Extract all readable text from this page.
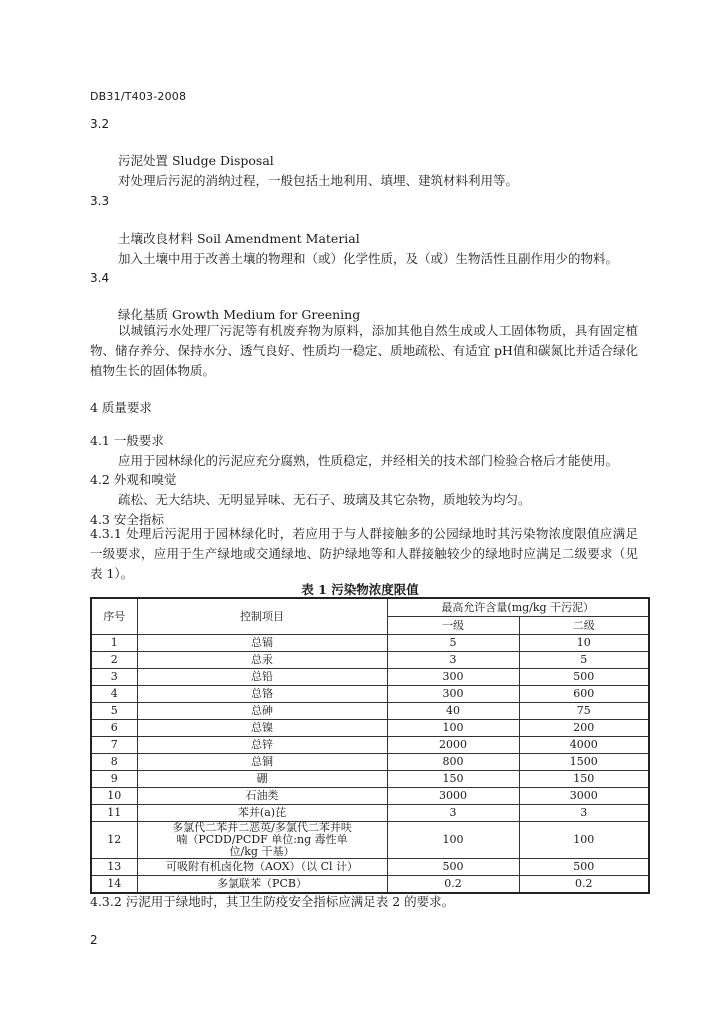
DB31/T403-2008
3.2
污泥处置 Sludge Disposal
对处理后污泥的消纳过程，一般包括土地利用、填埋、建筑材料利用等。
3.3
土壤改良材料 Soil Amendment Material
加入土壤中用于改善土壤的物理和（或）化学性质，及（或）生物活性且副作用少的物料。
3.4
绿化基质 Growth Medium for Greening
以城镇污水处理厂污泥等有机废弃物为原料，添加其他自然生成或人工固体物质，具有固定植物、储存养分、保持水分、透气良好、性质均一稳定、质地疏松、有适宜 pH值和碳氮比并适合绿化植物生长的固体物质。
4 质量要求
4.1 一般要求
应用于园林绿化的污泥应充分腐熟，性质稳定，并经相关的技术部门检验合格后才能使用。
4.2 外观和嗅觉
疏松、无大结块、无明显异味、无石子、玻璃及其它杂物，质地较为均匀。
4.3 安全指标
4.3.1 处理后污泥用于园林绿化时，若应用于与人群接触多的公园绿地时其污染物浓度限值应满足一级要求，应用于生产绿地或交通绿地、防护绿地等和人群接触较少的绿地时应满足二级要求（见表 1）。
表 1 污染物浓度限值
序号	控制项目	最高允许含量(mg/kg 干污泥）	
		一级	二级
1	总镉	5	10
2	总汞	3	5
3	总铅	300	500
4	总铬	300	600
5	总砷	40	75
6	总镍	100	200
7	总锌	2000	4000
8	总铜	800	1500
9	硼	150	150
10	石油类	3000	3000
11	苯并(a)芘	3	3
12	多氯代二苯并二恶英/多氯代二苯并呋喃（PCDD/PCDF 单位:ng 毒性单位/kg 干基）	100	100
13	可吸附有机卤化物（AOX）（以 Cl 计）	500	500
14	多氯联苯（PCB）	0.2	0.2
4.3.2 污泥用于绿地时，其卫生防疫安全指标应满足表 2 的要求。
2
